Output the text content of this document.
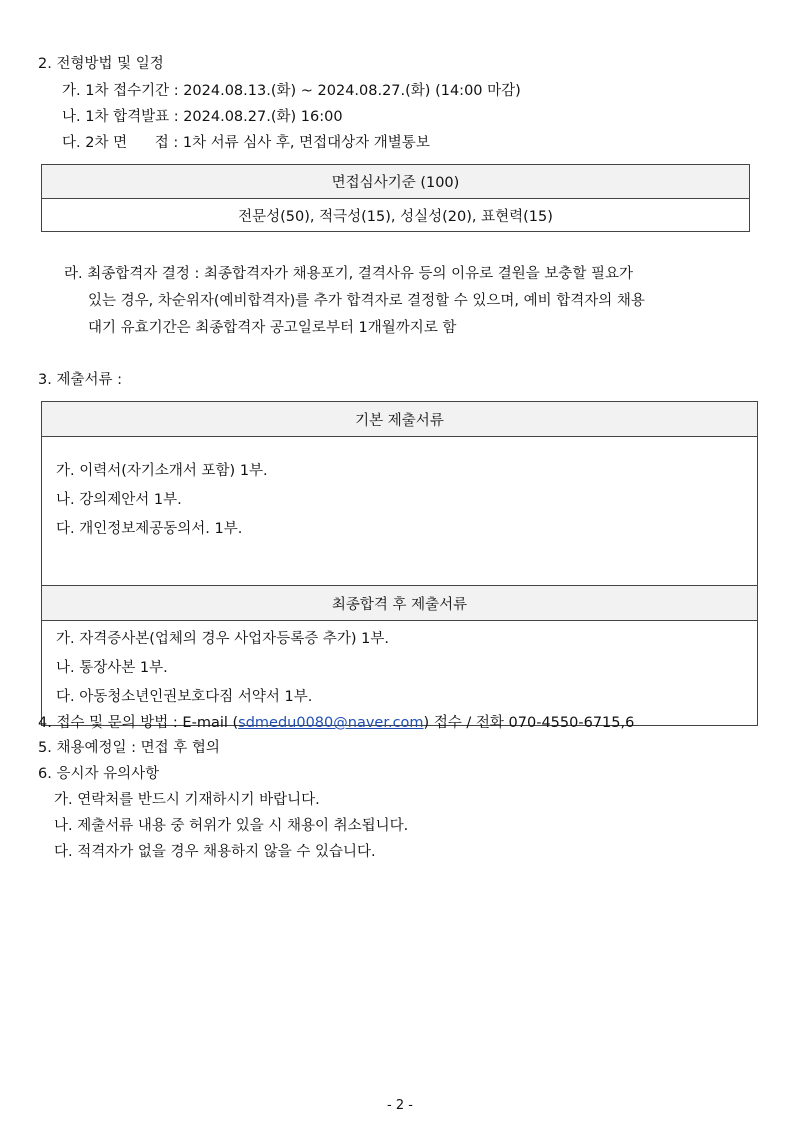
2. 전형방법 및 일정
가. 1차 접수기간 : 2024.08.13.(화) ~ 2024.08.27.(화) (14:00 마감)
나. 1차 합격발표 : 2024.08.27.(화) 16:00
다. 2차 면      접 : 1차 서류 심사 후, 면접대상자 개별통보
면접심사기준 (100)
전문성(50), 적극성(15), 성실성(20), 표현력(15)
라. 최종합격자 결정 : 최종합격자가 채용포기, 결격사유 등의 이유로 결원을 보충할 필요가
있는 경우, 차순위자(예비합격자)를 추가 합격자로 결정할 수 있으며, 예비 합격자의 채용
대기 유효기간은 최종합격자 공고일로부터 1개월까지로 함
3. 제출서류 :
기본 제출서류

가. 이력서(자기소개서 포함) 1부.
나. 강의제안서 1부.
다. 개인정보제공동의서. 1부.

최종합격 후 제출서류

가. 자격증사본(업체의 경우 사업자등록증 추가) 1부.
나. 통장사본 1부.
다. 아동청소년인권보호다짐 서약서 1부.
4. 접수 및 문의 방법 : E-mail (sdmedu0080@naver.com) 접수 / 전화 070-4550-6715,6
5. 채용예정일 : 면접 후 협의
6. 응시자 유의사항
가. 연락처를 반드시 기재하시기 바랍니다.
나. 제출서류 내용 중 허위가 있을 시 채용이 취소됩니다.
다. 적격자가 없을 경우 채용하지 않을 수 있습니다.
- 2 -
